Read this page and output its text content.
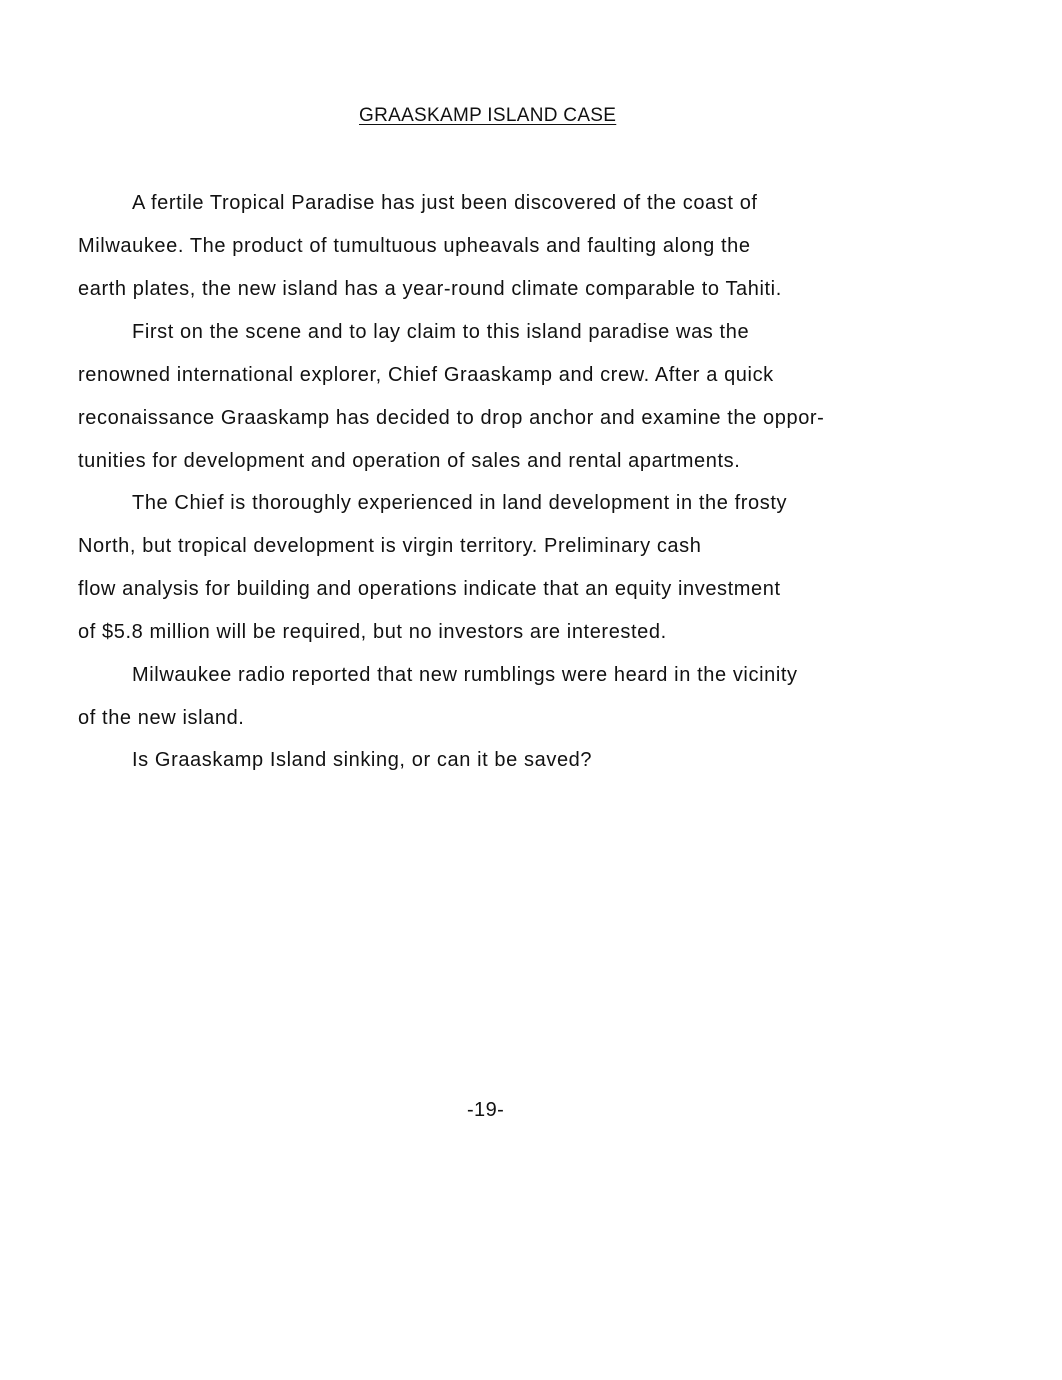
GRAASKAMP ISLAND CASE
A fertile Tropical Paradise has just been discovered of the coast of
Milwaukee. The product of tumultuous upheavals and faulting along the
earth plates, the new island has a year-round climate comparable to Tahiti.
First on the scene and to lay claim to this island paradise was the
renowned international explorer, Chief Graaskamp and crew. After a quick
reconaissance Graaskamp has decided to drop anchor and examine the oppor-
tunities for development and operation of sales and rental apartments.
The Chief is thoroughly experienced in land development in the frosty
North, but tropical development is virgin territory. Preliminary cash
flow analysis for building and operations indicate that an equity investment
of $5.8 million will be required, but no investors are interested.
Milwaukee radio reported that new rumblings were heard in the vicinity
of the new island.
Is Graaskamp Island sinking, or can it be saved?
-19-
